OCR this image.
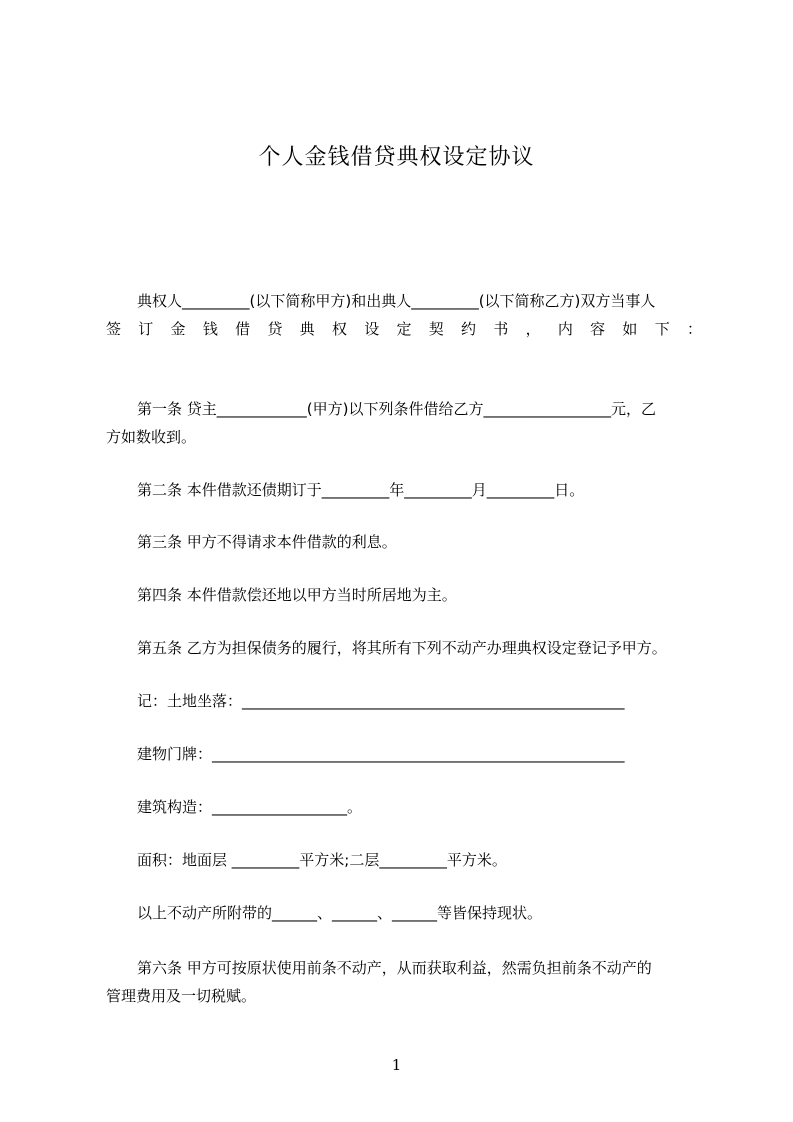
个人金钱借贷典权设定协议

典权人_________(以下简称甲方)和出典人_________(以下简称乙方)双方当事人

签订金钱借贷典权设定契约书，内容如下：

第一条 贷主____________(甲方)以下列条件借给乙方_________________元，乙

方如数收到。

第二条 本件借款还债期订于_________年_________月_________日。

第三条 甲方不得请求本件借款的利息。

第四条 本件借款偿还地以甲方当时所居地为主。

第五条 乙方为担保债务的履行，将其所有下列不动产办理典权设定登记予甲方。

记：土地坐落：___________________________________________________

建物门牌：_______________________________________________________

建筑构造：__________________。

面积：地面层 _________平方米;二层_________平方米。

以上不动产所附带的______、______、______等皆保持现状。

第六条 甲方可按原状使用前条不动产，从而获取利益，然需负担前条不动产的

管理费用及一切税赋。

1
